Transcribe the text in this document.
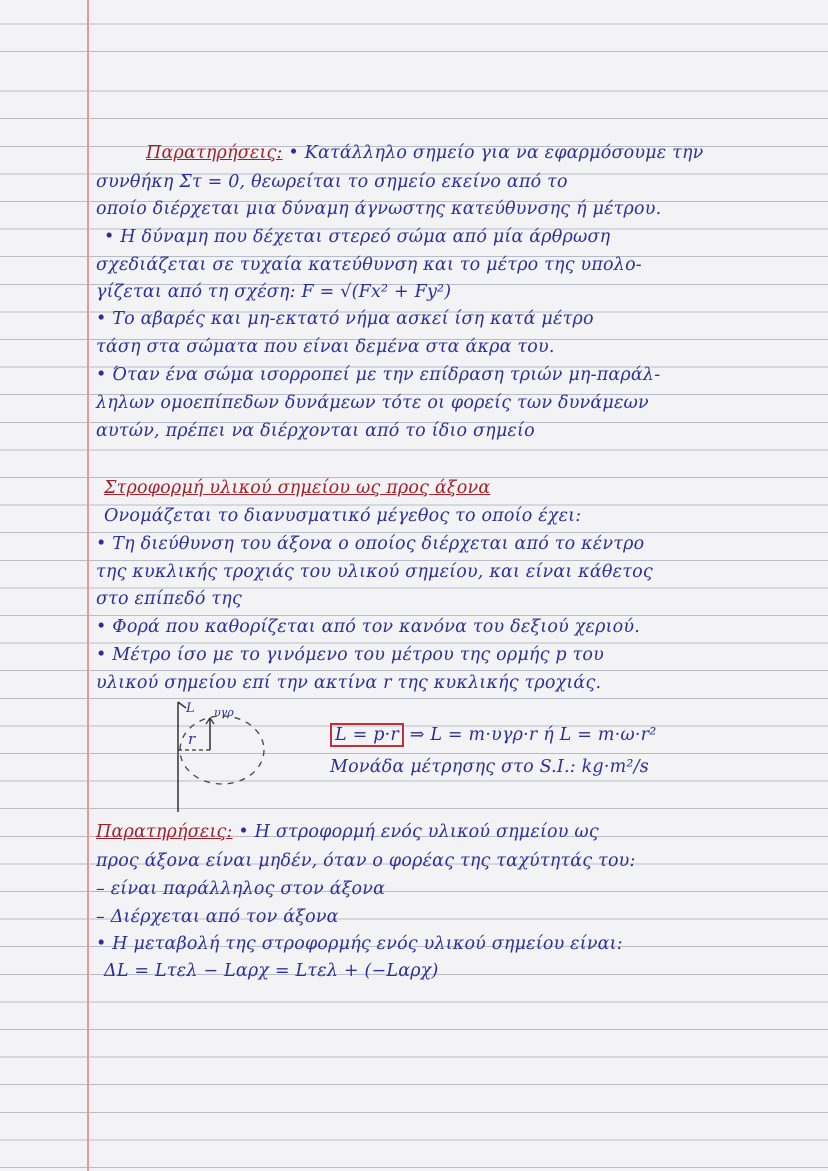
Παρατηρήσεις: • Κατάλληλο σημείο για να εφαρμόσουμε την
συνθήκη Στ = 0, θεωρείται το σημείο εκείνο από το
οποίο διέρχεται μια δύναμη άγνωστης κατεύθυνσης ή μέτρου.
• Η δύναμη που δέχεται στερεό σώμα από μία άρθρωση
σχεδιάζεται σε τυχαία κατεύθυνση και το μέτρο της υπολο-
γίζεται από τη σχέση: F = √(Fx² + Fy²)
• Το αβαρές και μη-εκτατό νήμα ασκεί ίση κατά μέτρο
τάση στα σώματα που είναι δεμένα στα άκρα του.
• Όταν ένα σώμα ισορροπεί με την επίδραση τριών μη-παράλ-
ληλων ομοεπίπεδων δυνάμεων τότε οι φορείς των δυνάμεων
αυτών, πρέπει να διέρχονται από το ίδιο σημείο
Στροφορμή υλικού σημείου ως προς άξονα
Ονομάζεται το διανυσματικό μέγεθος το οποίο έχει:
• Τη διεύθυνση του άξονα ο οποίος διέρχεται από το κέντρο
της κυκλικής τροχιάς του υλικού σημείου, και είναι κάθετος
στο επίπεδό της
• Φορά που καθορίζεται από τον κανόνα του δεξιού χεριού.
• Μέτρο ίσο με το γινόμενο του μέτρου της ορμής p του
υλικού σημείου επί την ακτίνα r της κυκλικής τροχιάς.
L υγρ
r	L = p·r ⇒ L = m·υγρ·r ή L = m·ω·r²
Μονάδα μέτρησης στο S.I.: kg·m²/s
Παρατηρήσεις: • Η στροφορμή ενός υλικού σημείου ως
προς άξονα είναι μηδέν, όταν ο φορέας της ταχύτητάς του:
– είναι παράλληλος στον άξονα
– Διέρχεται από τον άξονα
• Η μεταβολή της στροφορμής ενός υλικού σημείου είναι:
ΔL = Lτελ − Lαρχ = Lτελ + (−Lαρχ)
